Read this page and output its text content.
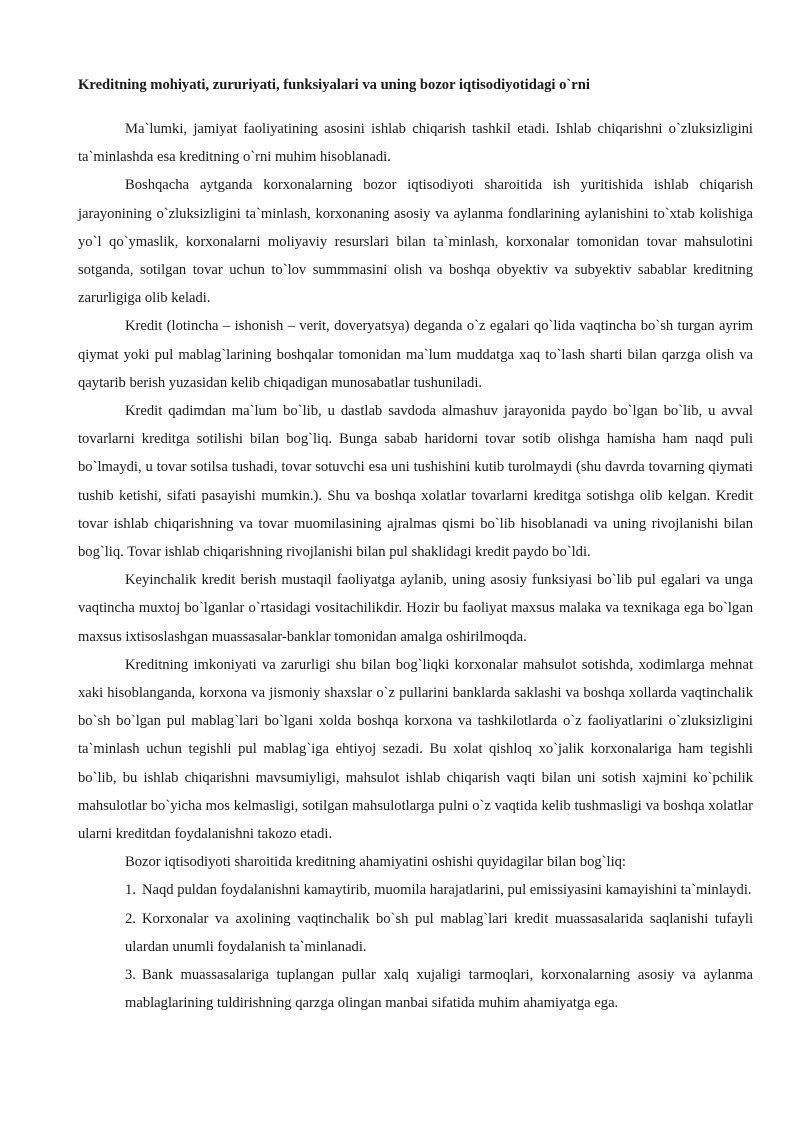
Kreditning mohiyati, zururiyati, funksiyalari va uning bozor iqtisodiyotidagi o`rni

Ma`lumki, jamiyat faoliyatining asosini ishlab chiqarish tashkil etadi. Ishlab chiqarishni o`zluksizligini ta`minlashda esa kreditning o`rni muhim hisoblanadi.

Boshqacha aytganda korxonalarning bozor iqtisodiyoti sharoitida ish yuritishida ishlab chiqarish jarayonining o`zluksizligini ta`minlash, korxonaning asosiy va aylanma fondlarining aylanishini to`xtab kolishiga yo`l qo`ymaslik, korxonalarni moliyaviy resurslari bilan ta`minlash, korxonalar tomonidan tovar mahsulotini sotganda, sotilgan tovar uchun to`lov summmasini olish va boshqa obyektiv va subyektiv sabablar kreditning zarurligiga olib keladi.

Kredit (lotincha – ishonish – verit, doveryatsya) deganda o`z egalari qo`lida vaqtincha bo`sh turgan ayrim qiymat yoki pul mablag`larining boshqalar tomonidan ma`lum muddatga xaq to`lash sharti bilan qarzga olish va qaytarib berish yuzasidan kelib chiqadigan munosabatlar tushuniladi.

Kredit qadimdan ma`lum bo`lib, u dastlab savdoda almashuv jarayonida paydo bo`lgan bo`lib, u avval tovarlarni kreditga sotilishi bilan bog`liq. Bunga sabab haridorni tovar sotib olishga hamisha ham naqd puli bo`lmaydi, u tovar sotilsa tushadi, tovar sotuvchi esa uni tushishini kutib turolmaydi (shu davrda tovarning qiymati tushib ketishi, sifati pasayishi mumkin.). Shu va boshqa xolatlar tovarlarni kreditga sotishga olib kelgan. Kredit tovar ishlab chiqarishning va tovar muomilasining ajralmas qismi bo`lib hisoblanadi va uning rivojlanishi bilan bog`liq. Tovar ishlab chiqarishning rivojlanishi bilan pul shaklidagi kredit paydo bo`ldi.

Keyinchalik kredit berish mustaqil faoliyatga aylanib, uning asosiy funksiyasi bo`lib pul egalari va unga vaqtincha muxtoj bo`lganlar o`rtasidagi vositachilikdir. Hozir bu faoliyat maxsus malaka va texnikaga ega bo`lgan maxsus ixtisoslashgan muassasalar-banklar tomonidan amalga oshirilmoqda.

Kreditning imkoniyati va zarurligi shu bilan bog`liqki korxonalar mahsulot sotishda, xodimlarga mehnat xaki hisoblanganda, korxona va jismoniy shaxslar o`z pullarini banklarda saklashi va boshqa xollarda vaqtinchalik bo`sh bo`lgan pul mablag`lari bo`lgani xolda boshqa korxona va tashkilotlarda o`z faoliyatlarini o`zluksizligini ta`minlash uchun tegishli pul mablag`iga ehtiyoj sezadi. Bu xolat qishloq xo`jalik korxonalariga ham tegishli bo`lib, bu ishlab chiqarishni mavsumiyligi, mahsulot ishlab chiqarish vaqti bilan uni sotish xajmini ko`pchilik mahsulotlar bo`yicha mos kelmasligi, sotilgan mahsulotlarga pulni o`z vaqtida kelib tushmasligi va boshqa xolatlar ularni kreditdan foydalanishni takozo etadi.

Bozor iqtisodiyoti sharoitida kreditning ahamiyatini oshishi quyidagilar bilan bog`liq:

1. Naqd puldan foydalanishni kamaytirib, muomila harajatlarini, pul emissiyasini kamayishini ta`minlaydi.

2. Korxonalar va axolining vaqtinchalik bo`sh pul mablag`lari kredit muassasalarida saqlanishi tufayli ulardan unumli foydalanish ta`minlanadi.

3. Bank muassasalariga tuplangan pullar xalq xujaligi tarmoqlari, korxonalarning asosiy va aylanma mablaglarining tuldirishning qarzga olingan manbai sifatida muhim ahamiyatga ega.
